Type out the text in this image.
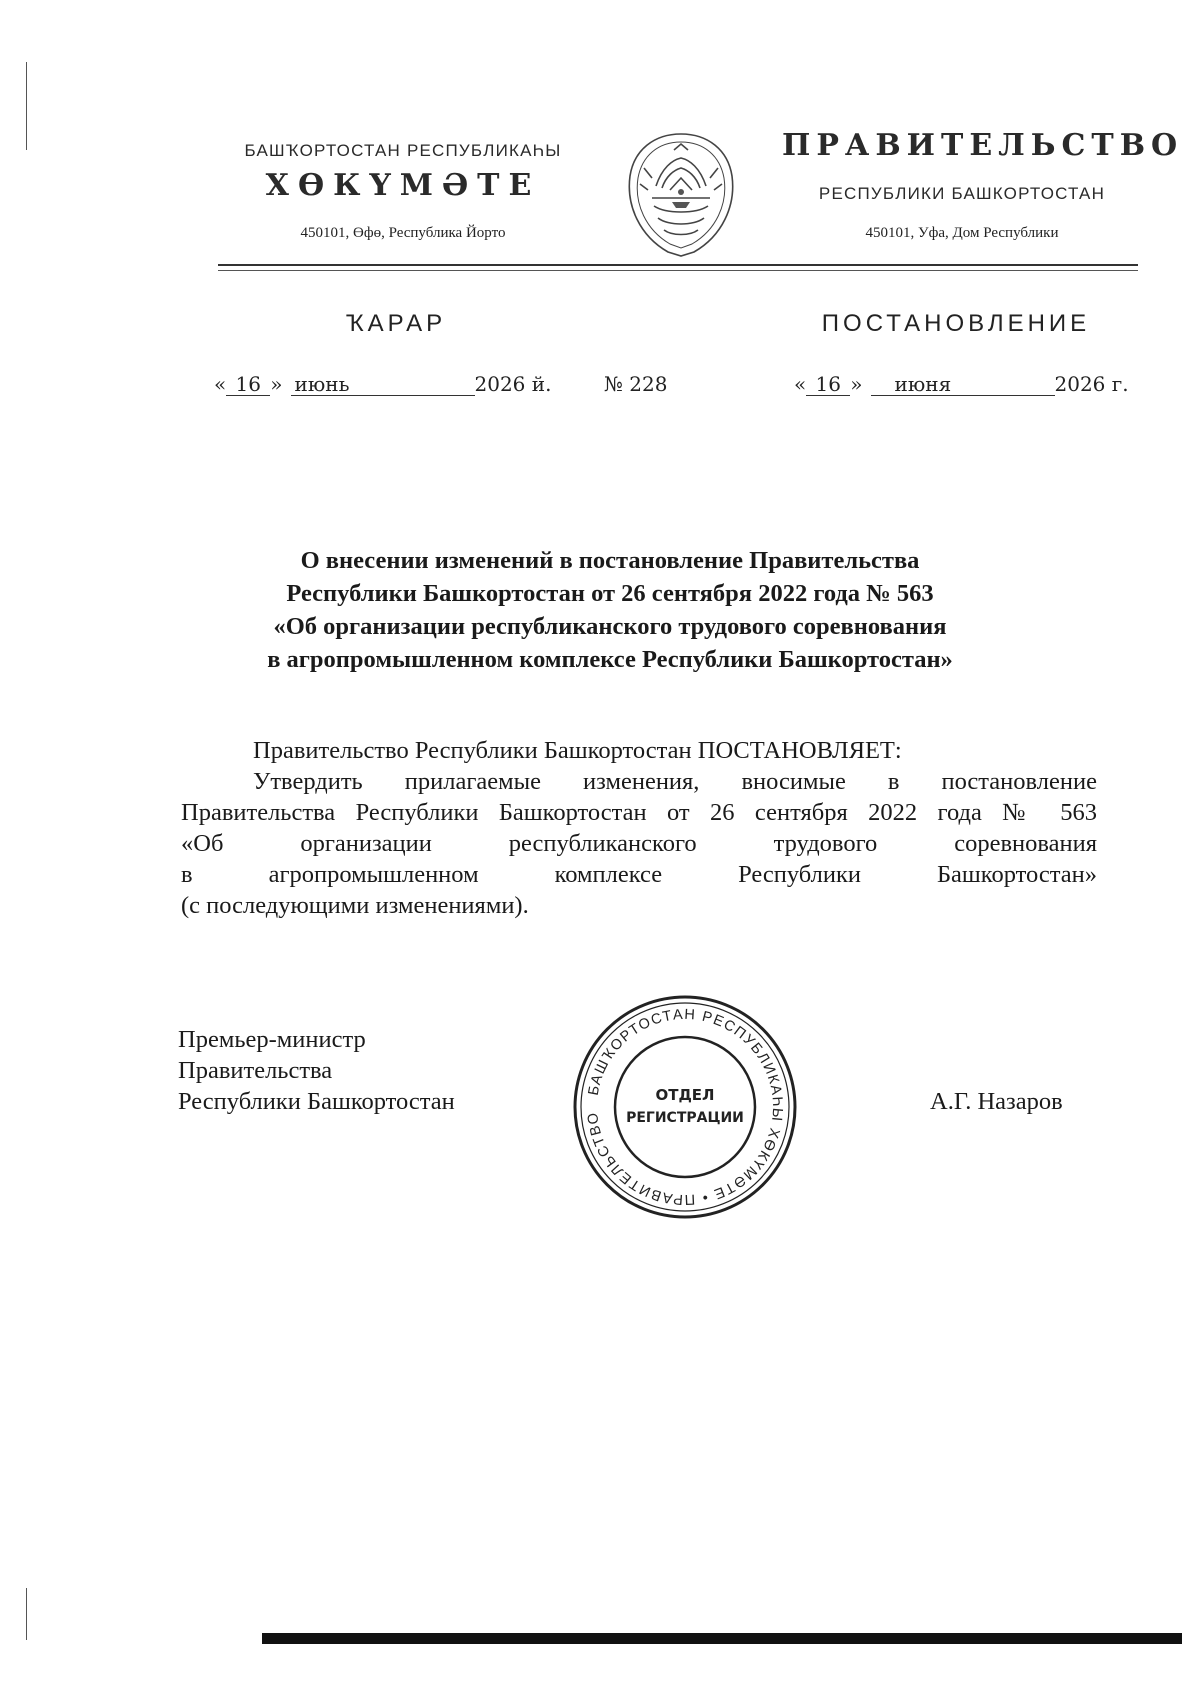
БАШҠОРТОСТАН РЕСПУБЛИКАҺЫ
ХӨКҮМӘТЕ
450101, Өфө, Республика Йорто
ПРАВИТЕЛЬСТВО
РЕСПУБЛИКИ БАШКОРТОСТАН
450101, Уфа, Дом Республики
ҠАРАР	ПОСТАНОВЛЕНИЕ
« 16 » июнь	2026 й.	№ 228	« 16 » июня	2026 г.
О внесении изменений в постановление Правительства
Республики Башкортостан от 26 сентября 2022 года № 563
«Об организации республиканского трудового соревнования
в агропромышленном комплексе Республики Башкортостан»
Правительство Республики Башкортостан ПОСТАНОВЛЯЕТ:
Утвердить прилагаемые изменения, вносимые в постановление
Правительства Республики Башкортостан от 26 сентября 2022 года № 563
«Об организации республиканского трудового соревнования
в агропромышленном комплексе Республики Башкортостан»
(с последующими изменениями).
Премьер-министр
Правительства
Республики Башкортостан	А.Г. Назаров
БАШҠОРТОСТАН РЕСПУБЛИКАҺЫ ХӨКҮМӘТЕ • ПРАВИТЕЛЬСТВО
ОТДЕЛ
РЕГИСТРАЦИИ
